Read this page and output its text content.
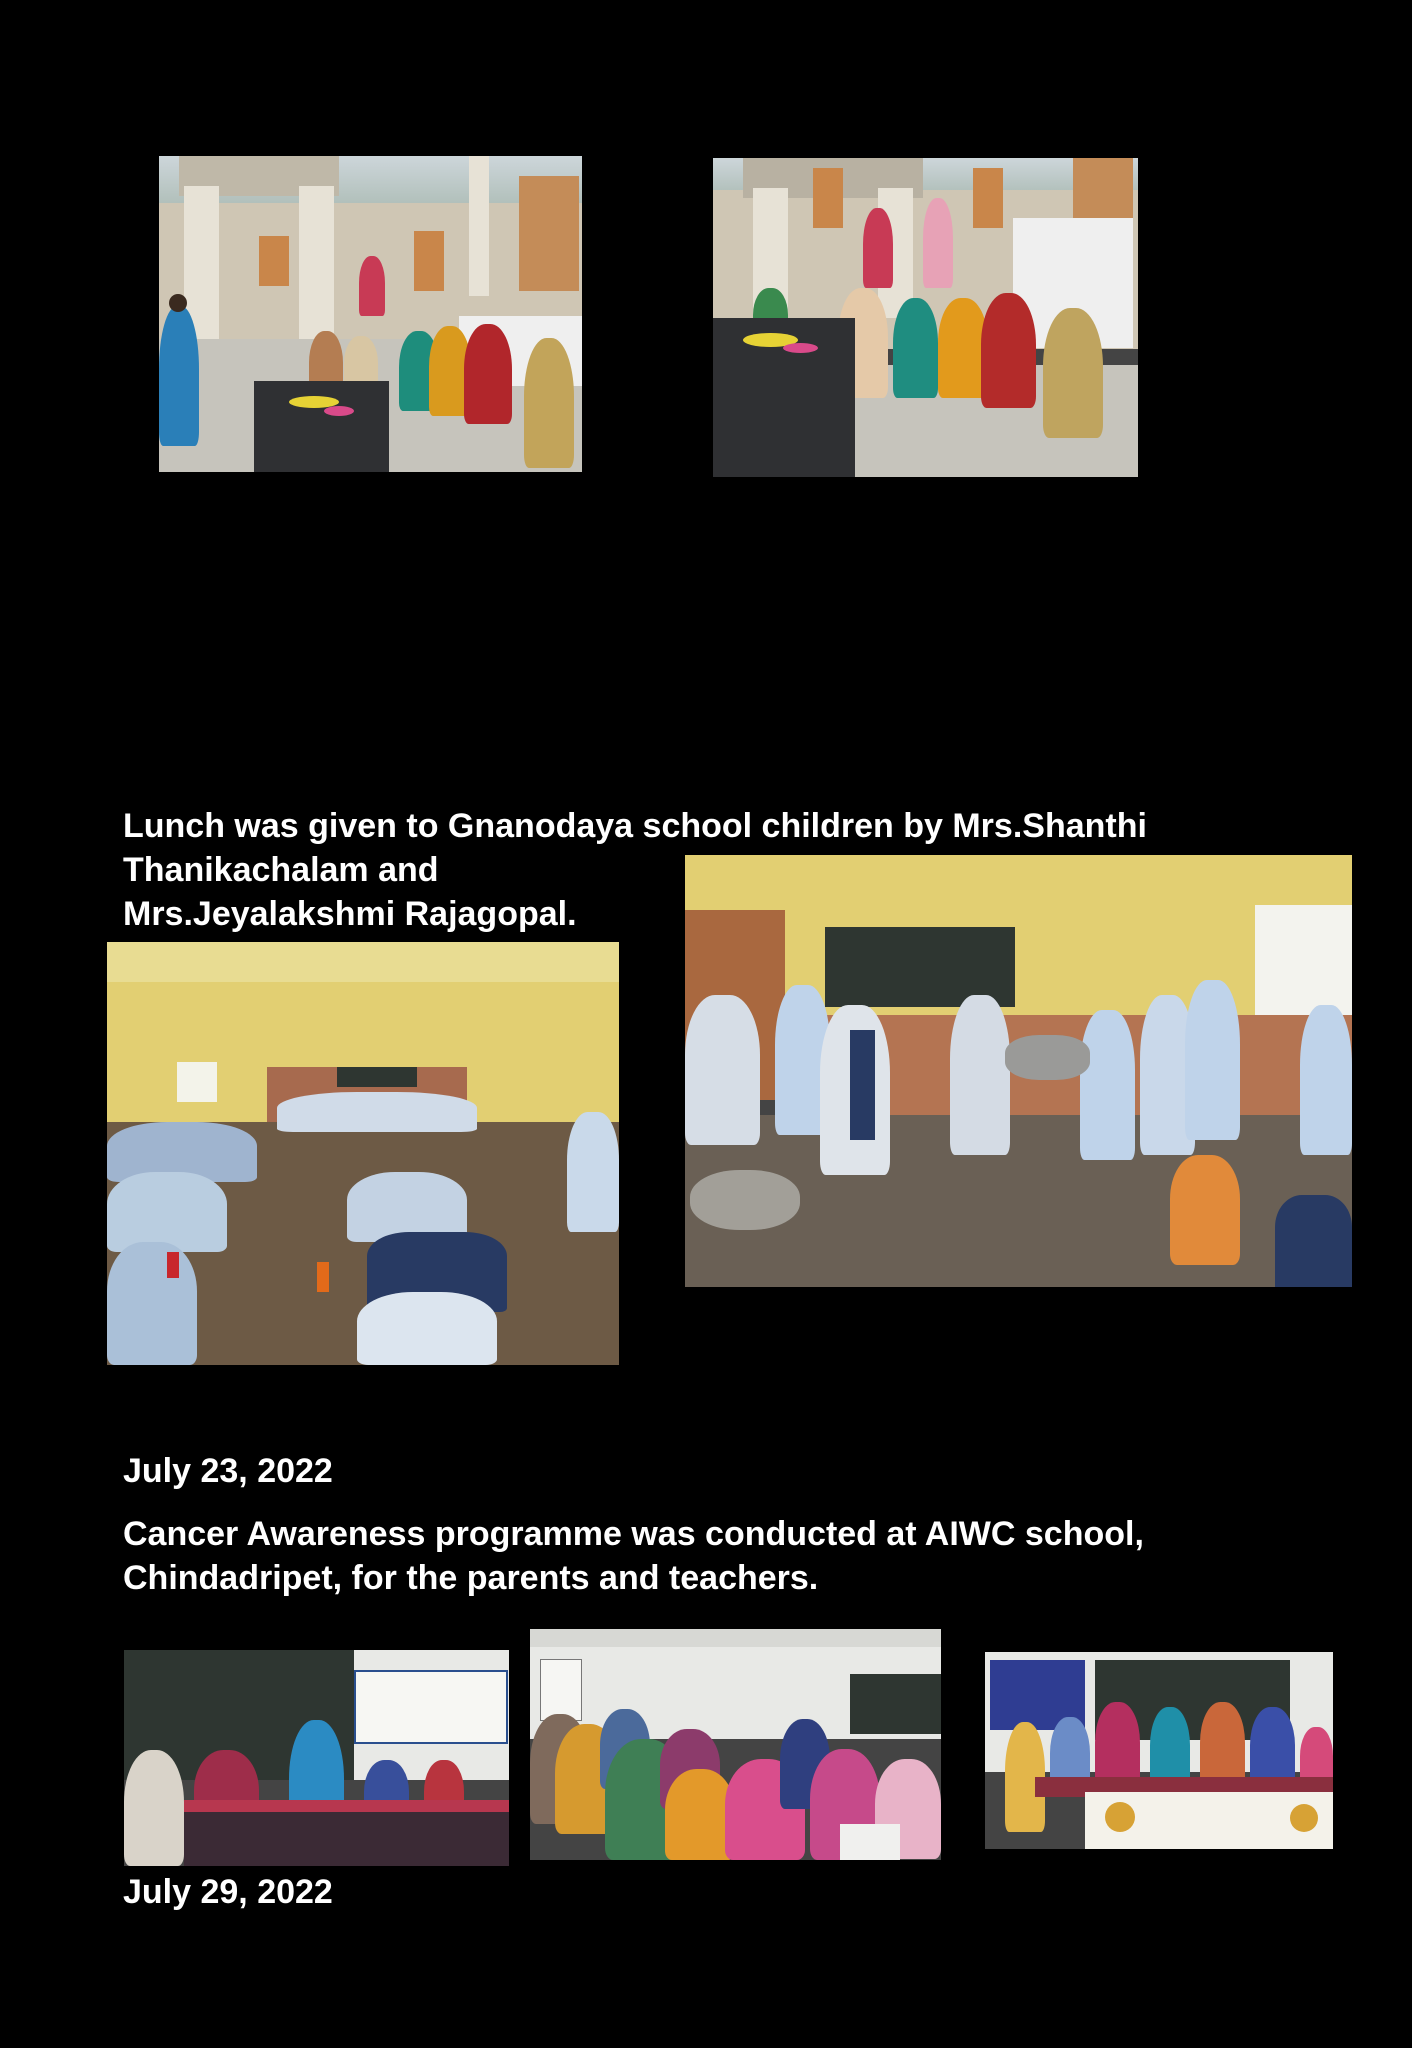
Lunch was given to Gnanodaya school children by Mrs.Shanthi
Thanikachalam and
Mrs.Jeyalakshmi Rajagopal.
July 23, 2022
Cancer Awareness programme was conducted at AIWC school,
Chindadripet, for the parents and teachers.
July 29, 2022
